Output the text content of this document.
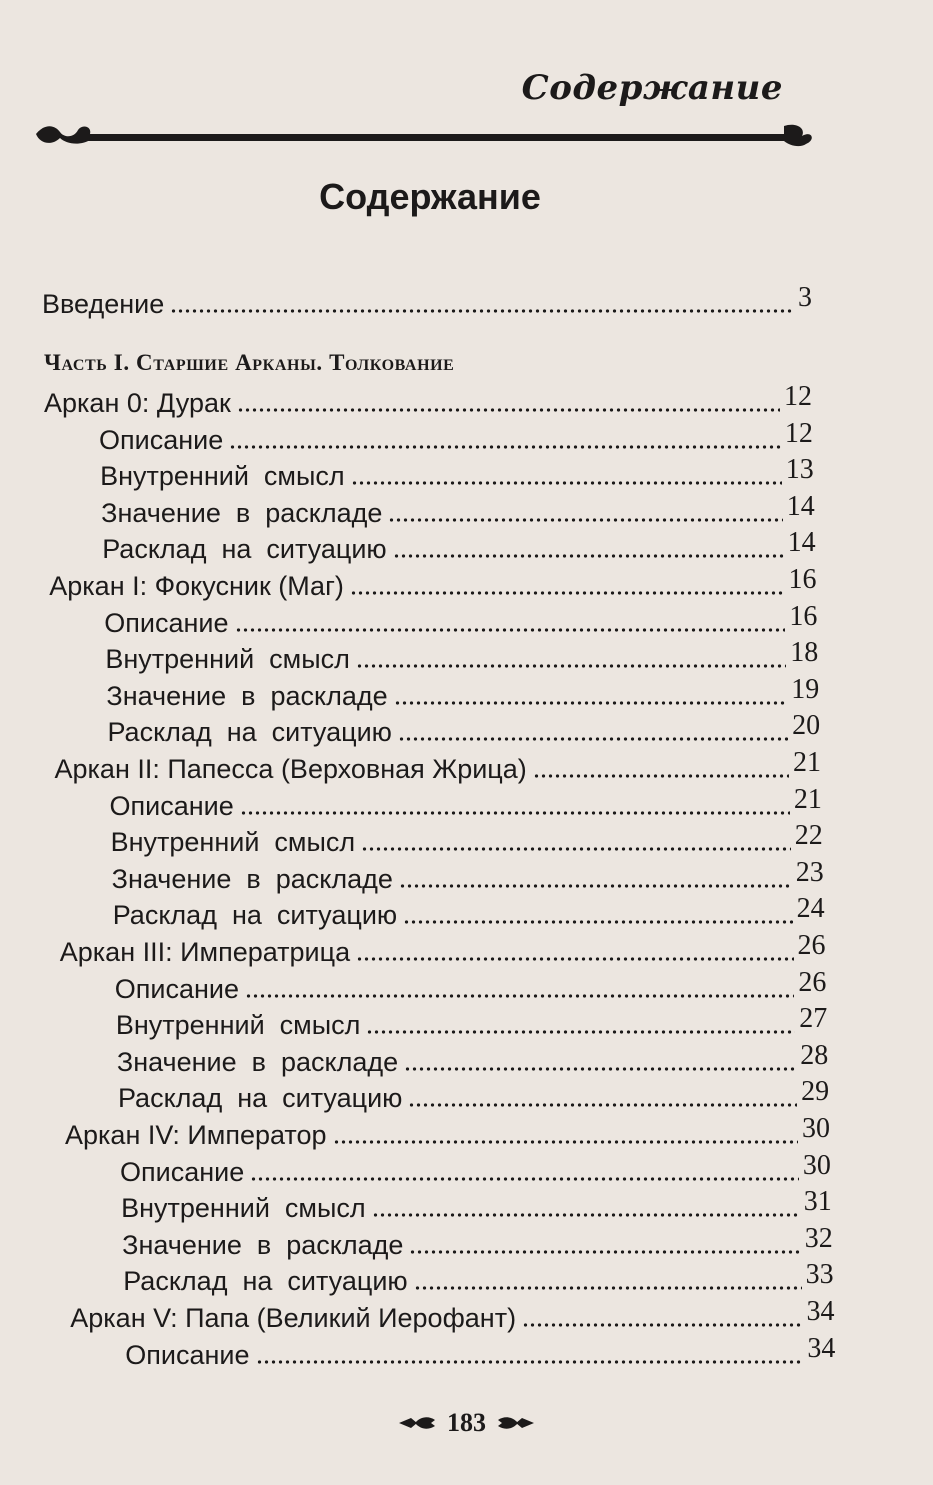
Содержание
Содержание
Введение	3
Часть I. Старшие Арканы. Толкование
Аркан 0: Дурак	12
Описание	12
Внутренний  смысл	13
Значение  в  раскладе	14
Расклад  на  ситуацию	14
Аркан I: Фокусник (Маг)	16
Описание	16
Внутренний  смысл	18
Значение  в  раскладе	19
Расклад  на  ситуацию	20
Аркан II: Папесса (Верховная Жрица)	21
Описание	21
Внутренний  смысл	22
Значение  в  раскладе	23
Расклад  на  ситуацию	24
Аркан III: Императрица	26
Описание	26
Внутренний  смысл	27
Значение  в  раскладе	28
Расклад  на  ситуацию	29
Аркан IV: Император	30
Описание	30
Внутренний  смысл	31
Значение  в  раскладе	32
Расклад  на  ситуацию	33
Аркан V: Папа (Великий Иерофант)	34
Описание	34
183
